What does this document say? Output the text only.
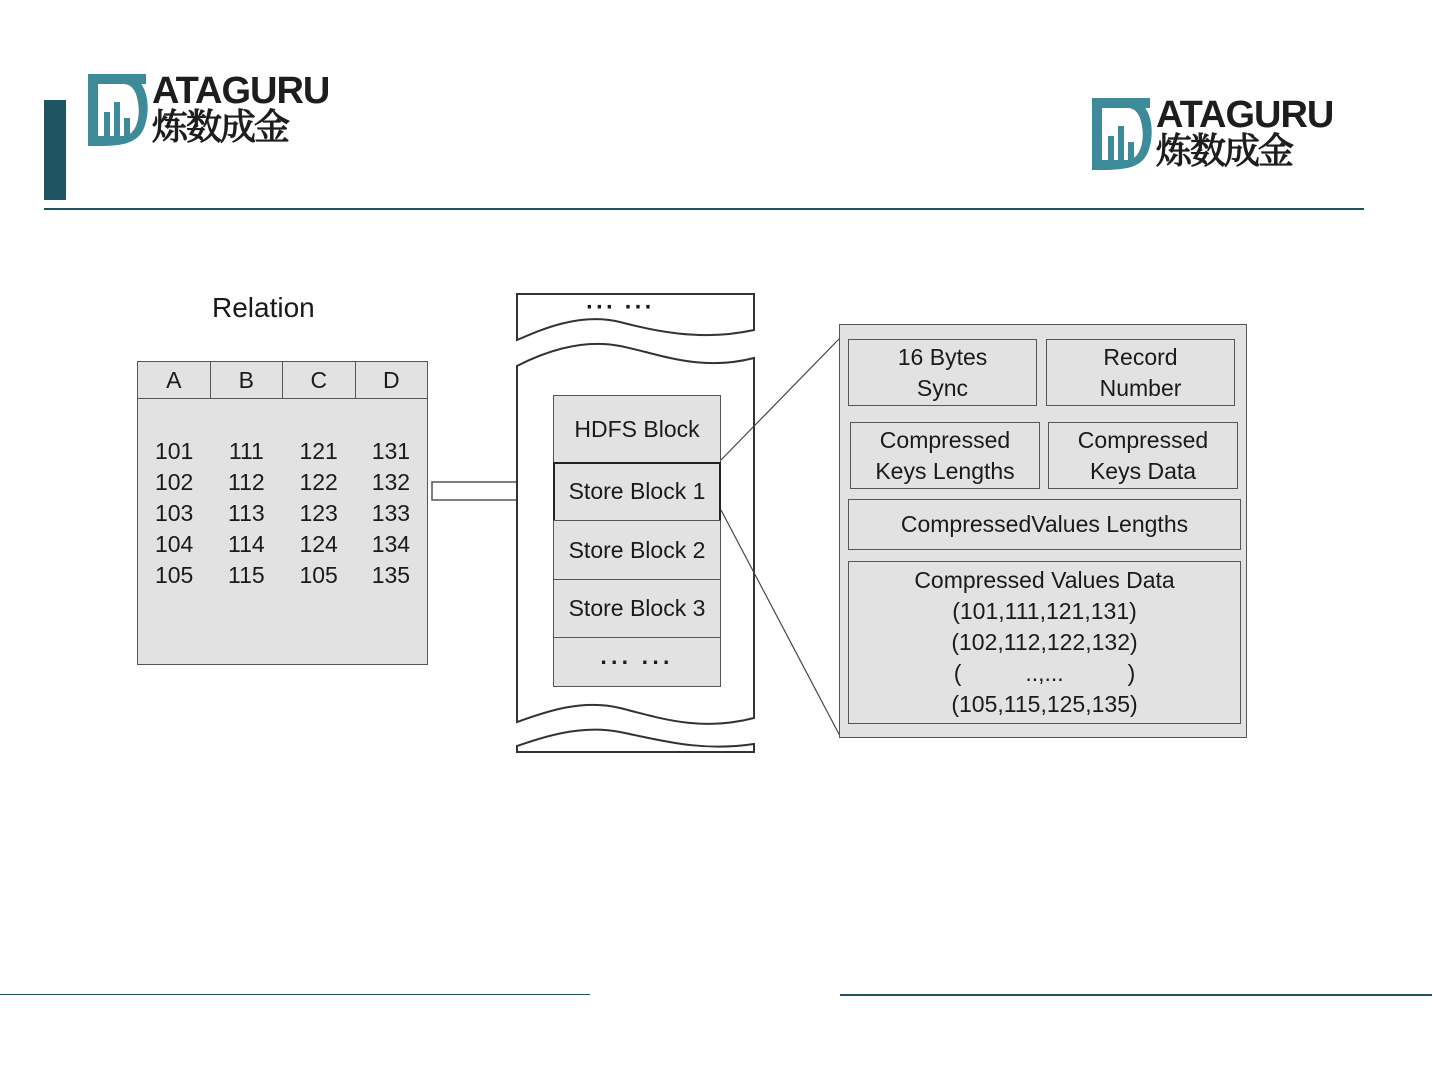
ATAGURU
炼数成金	ATAGURU
炼数成金
Relation
A	B	C	D
101	111	121	131
102	112	122	132
103	113	123	133
104	114	124	134
105	115	105	135
··· ···
HDFS Block
Store Block 1
Store Block 2
Store Block 3
··· ···
16 Bytes
Sync
Record
Number
Compressed
Keys Lengths
Compressed
Keys Data
CompressedValues Lengths
Compressed Values Data
(101,111,121,131)
(102,112,122,132)
(          ..,...          )
(105,115,125,135)
